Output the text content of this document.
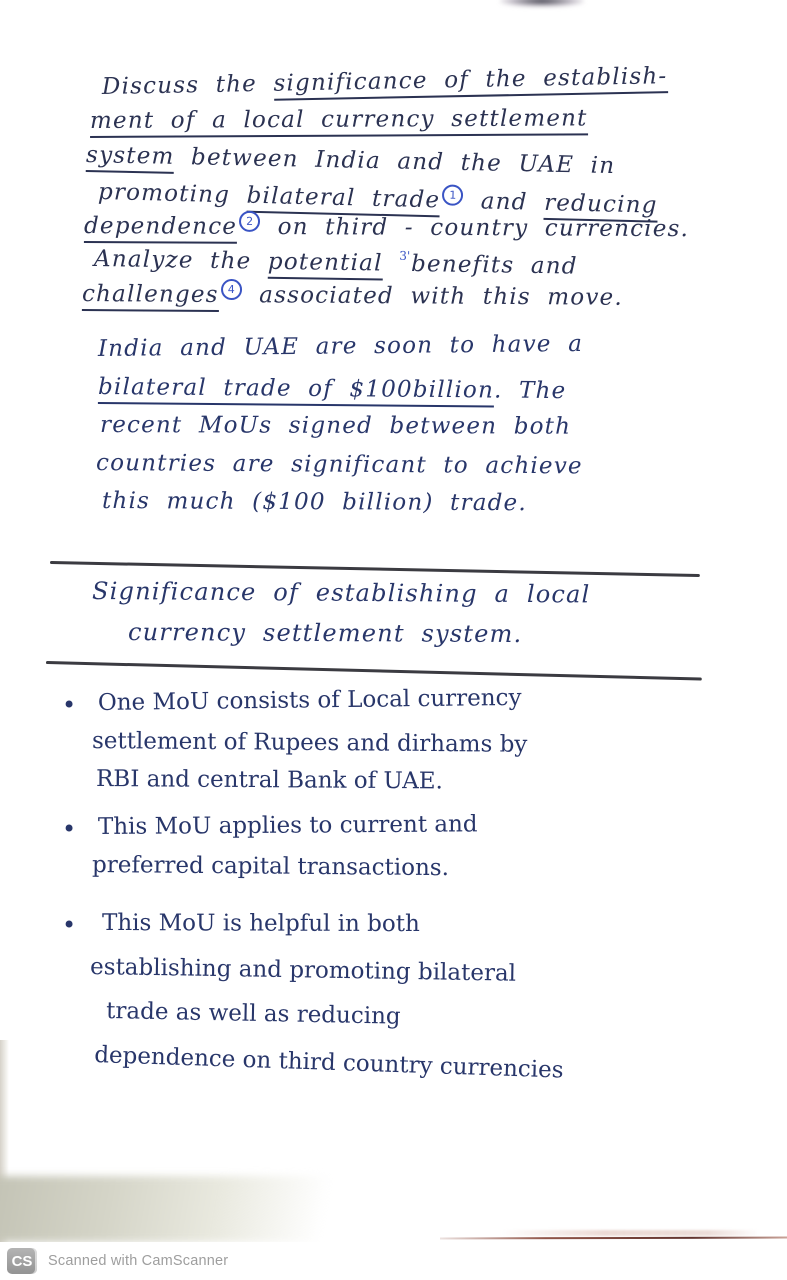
Discuss the significance of the establish-
ment of a local currency settlement
system between India and the UAE in
promoting bilateral trade 1 and reducing
dependence 2 on third - country currencies.
Analyze the potential $^{3'}$benefits and
challenges 4 associated with this move.
India and UAE are soon to have a
bilateral trade of $100billion. The
recent MoUs signed between both
countries are significant to achieve
this much ($100 billion) trade.
Significance of establishing a local
currency settlement system.
• One MoU consists of Local currency
settlement of Rupees and dirhams by
RBI and central Bank of UAE.
• This MoU applies to current and
preferred capital transactions.
•	This MoU is helpful in both
establishing and promoting bilateral
trade as well as reducing
dependence on third country currencies
CS	Scanned with CamScanner
